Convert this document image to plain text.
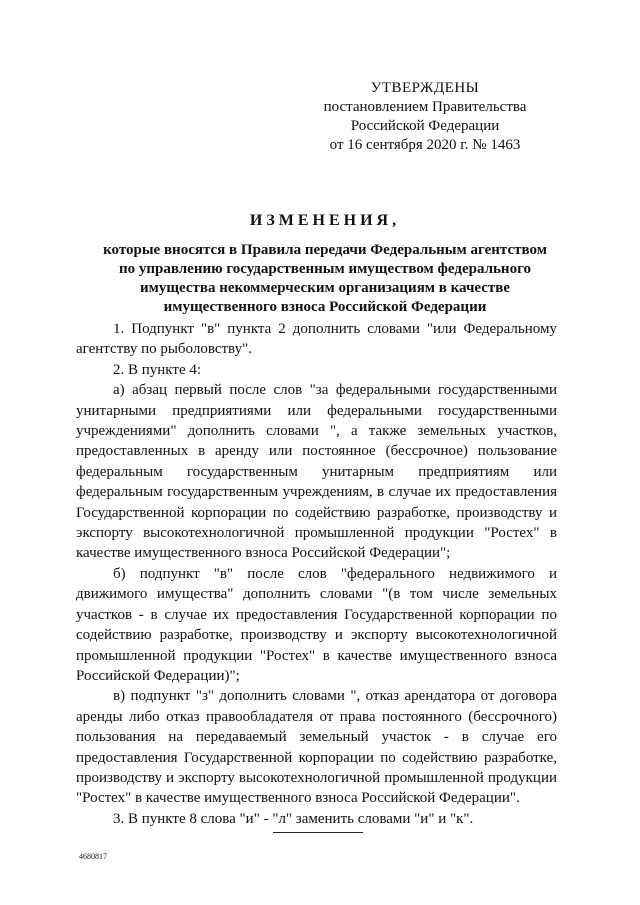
УТВЕРЖДЕНЫ
постановлением Правительства
Российской Федерации
от 16 сентября 2020 г. № 1463
ИЗМЕНЕНИЯ,
которые вносятся в Правила передачи Федеральным агентством
по управлению государственным имуществом федерального
имущества некоммерческим организациям в качестве
имущественного взноса Российской Федерации

1. Подпункт "в" пункта 2 дополнить словами "или Федеральному агентству по рыболовству".

2. В пункте 4:

а) абзац первый после слов "за федеральными государственными унитарными предприятиями или федеральными государственными учреждениями" дополнить словами ", а также земельных участков, предоставленных в аренду или постоянное (бессрочное) пользование федеральным государственным унитарным предприятиям или федеральным государственным учреждениям, в случае их предоставления Государственной корпорации по содействию разработке, производству и экспорту высокотехнологичной промышленной продукции "Ростех" в качестве имущественного взноса Российской Федерации";

б) подпункт "в" после слов "федерального недвижимого и движимого имущества" дополнить словами "(в том числе земельных участков - в случае их предоставления Государственной корпорации по содействию разработке, производству и экспорту высокотехнологичной промышленной продукции "Ростех" в качестве имущественного взноса Российской Федерации)";

в) подпункт "з" дополнить словами ", отказ арендатора от договора аренды либо отказ правообладателя от права постоянного (бессрочного) пользования на передаваемый земельный участок - в случае его предоставления Государственной корпорации по содействию разработке, производству и экспорту высокотехнологичной промышленной продукции "Ростех" в качестве имущественного взноса Российской Федерации".

3. В пункте 8 слова "и" - "л" заменить словами "и" и "к".

4680817
